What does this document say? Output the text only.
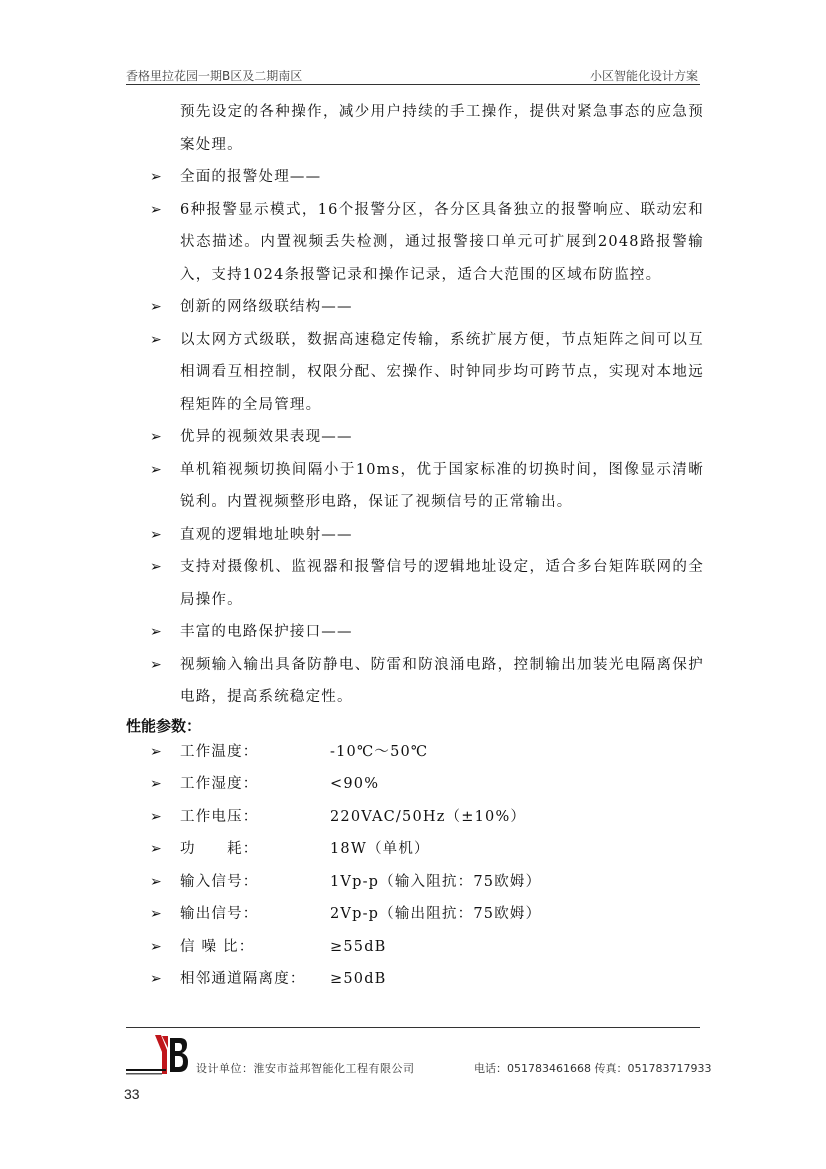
香格里拉花园一期B区及二期南区	小区智能化设计方案
预先设定的各种操作，减少用户持续的手工操作，提供对紧急事态的应急预案处理。

➢ 全面的报警处理——

➢ 6种报警显示模式，16个报警分区，各分区具备独立的报警响应、联动宏和状态描述。内置视频丢失检测，通过报警接口单元可扩展到2048路报警输入，支持1024条报警记录和操作记录，适合大范围的区域布防监控。

➢ 创新的网络级联结构——

➢ 以太网方式级联，数据高速稳定传输，系统扩展方便，节点矩阵之间可以互相调看互相控制，权限分配、宏操作、时钟同步均可跨节点，实现对本地远程矩阵的全局管理。

➢ 优异的视频效果表现——

➢ 单机箱视频切换间隔小于10ms，优于国家标准的切换时间，图像显示清晰锐利。内置视频整形电路，保证了视频信号的正常输出。

➢ 直观的逻辑地址映射——

➢ 支持对摄像机、监视器和报警信号的逻辑地址设定，适合多台矩阵联网的全局操作。

➢ 丰富的电路保护接口——

➢ 视频输入输出具备防静电、防雷和防浪涌电路，控制输出加装光电隔离保护电路，提高系统稳定性。

性能参数：
➢ 工作温度：	-10℃～50℃
➢ 工作湿度：	<90%
➢ 工作电压：	220VAC/50Hz（±10%）
➢ 功　　耗：	18W（单机）
➢ 输入信号：	1Vp-p（输入阻抗：75欧姆）
➢ 输出信号：	2Vp-p（输出阻抗：75欧姆）
➢ 信 噪 比：	≥55dB
➢ 相邻通道隔离度： ≥50dB
设计单位：淮安市益邦智能化工程有限公司	电话：051783461668 传真：051783717933
33
